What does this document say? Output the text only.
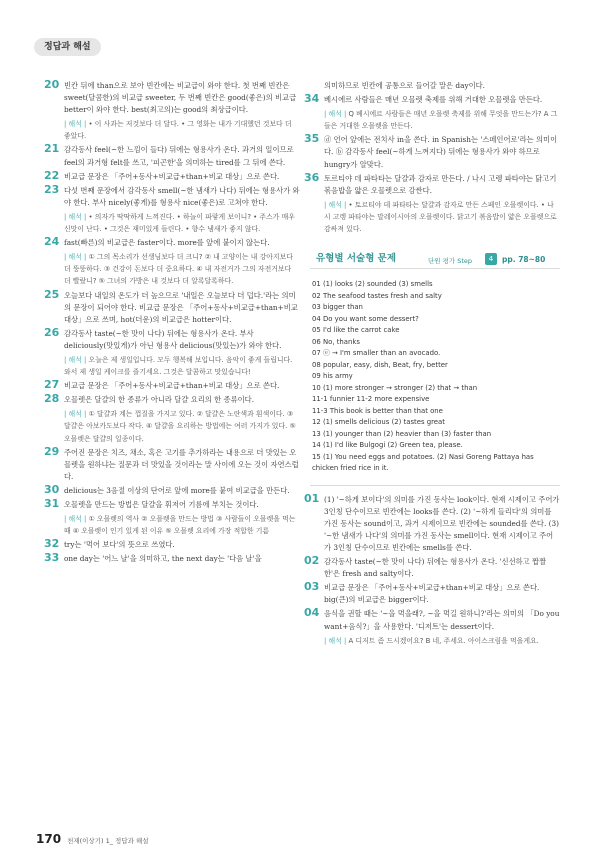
정답과 해설
20 빈칸 뒤에 than으로 보아 빈칸에는 비교급이 와야 한다. 첫 번째 빈칸은 sweet(달콤한)의 비교급 sweeter, 두 번째 빈칸은 good(좋은)의 비교급 better이 와야 한다. best(최고의)는 good의 최상급이다.
| 해석 | • 이 사과는 저것보다 더 달다. • 그 영화는 내가 기대했던 것보다 더 좋았다.
21 감각동사 feel(~한 느낌이 들다) 뒤에는 형용사가 온다. 과거의 일이므로 feel의 과거형 felt를 쓰고, '피곤한'을 의미하는 tired를 그 뒤에 쓴다.
22 비교급 문장은 「주어+동사+비교급+than+비교 대상」으로 쓴다.
23 다섯 번째 문장에서 감각동사 smell(~한 냄새가 나다) 뒤에는 형용사가 와야 한다. 부사 nicely(좋게)를 형용사 nice(좋은)로 고쳐야 한다.
| 해석 | • 의자가 딱딱하게 느껴진다. • 하늘이 파랗게 보이니? • 주스가 매우 신맛이 난다. • 그것은 재미있게 들린다. • 향수 냄새가 좋지 않다.
24 fast(빠른)의 비교급은 faster이다. more를 앞에 붙이지 않는다.
| 해석 | ① 그의 목소리가 선생님보다 더 크니? ② 내 고양이는 내 강아지보다 더 뚱뚱하다. ③ 건강이 돈보다 더 중요하다. ④ 내 자전거가 그의 자전거보다 더 빨랐니? ⑤ 그녀의 가방은 내 것보다 더 알록달록하다.
25 오늘보다 내일의 온도가 더 높으므로 '내일은 오늘보다 더 덥다.'라는 의미의 문장이 되어야 한다. 비교급 문장은 「주어+동사+비교급+than+비교 대상」으로 쓰며, hot(더운)의 비교급은 hotter이다.
26 감각동사 taste(~한 맛이 나다) 뒤에는 형용사가 온다. 부사 deliciously(맛있게)가 아닌 형용사 delicious(맛있는)가 와야 한다.
| 해석 | 오늘은 제 생일입니다. 모두 행복해 보입니다. 음악이 좋게 들립니다. 와서 제 생일 케이크를 즐기세요. 그것은 달콤하고 맛있습니다!
27 비교급 문장은 「주어+동사+비교급+than+비교 대상」으로 쓴다.
28 오믈렛은 달걀의 한 종류가 아니라 달걀 요리의 한 종류이다.
| 해석 | ① 달걀과 계는 껍질을 가지고 있다. ② 달걀은 노란색과 흰색이다. ③ 달걀은 아보카도보다 작다. ④ 달걀을 요리하는 방법에는 여러 가지가 있다. ⑤ 오믈렛은 달걀의 일종이다.
29 주어진 문장은 치즈, 채소, 혹은 고기를 추가하라는 내용으로 더 맛있는 오믈렛을 원하냐는 질문과 더 맛있을 것이라는 말 사이에 오는 것이 자연스럽다.
30 delicious는 3음절 이상의 단어로 앞에 more를 붙여 비교급을 만든다.
31 오믈렛을 만드는 방법은 달걀을 휘저어 기름에 부치는 것이다.
| 해석 | ① 오믈렛의 역사 ② 오믈렛을 만드는 방법 ③ 사람들이 오믈렛을 먹는 때 ④ 오믈렛이 인기 있게 된 이유 ⑤ 오믈렛 요리에 가장 적합한 기름
32 try는 '먹어 보다'의 뜻으로 쓰였다.
33 one day는 '어느 날'을 의미하고, the next day는 '다음 날'을
의미하므로 빈칸에 공통으로 들어갈 말은 day이다.
34 베시에르 사람들은 매년 오믈렛 축제를 위해 거대한 오믈렛을 만든다.
| 해석 | Q 베시에르 사람들은 매년 오믈렛 축제를 위해 무엇을 만드는가? A 그들은 거대한 오믈렛을 만든다.
35 ⓓ 언어 앞에는 전치사 in을 쓴다. in Spanish는 '스페인어로'라는 의미이다. ⓑ 감각동사 feel(~하게 느껴지다) 뒤에는 형용사가 와야 하므로 hungry가 알맞다.
36 토르티야 데 파타타는 달걀과 감자로 만든다. / 나시 고렝 파타야는 닭고기 볶음밥을 얇은 오믈렛으로 감싼다.
| 해석 | • 토르티야 데 파타타는 달걀과 감자로 만든 스페인 오믈렛이다. • 나시 고렝 파타야는 말레이시아의 오믈렛이다. 닭고기 볶음밥이 얇은 오믈렛으로 감싸져 있다.
유형별 서술형 문제	단원 평가 Step	4	pp. 78~80
01 (1) looks (2) sounded (3) smells
02 The seafood tastes fresh and salty
03 bigger than
04 Do you want some dessert?
05 I'd like the carrot cake
06 No, thanks
07 ⓔ → I'm smaller than an avocado.
08 popular, easy, dish, Beat, fry, better
09 his army
10 (1) more stronger → stronger (2) that → than
11-1 funnier 11-2 more expensive
11-3 This book is better than that one
12 (1) smells delicious (2) tastes great
13 (1) younger than (2) heavier than (3) faster than
14 (1) I'd like Bulgogi (2) Green tea, please.
15 (1) You need eggs and potatoes. (2) Nasi Goreng Pattaya has chicken fried rice in it.
01 (1) '~하게 보이다'의 의미를 가진 동사는 look이다. 현재 시제이고 주어가 3인칭 단수이므로 빈칸에는 looks를 쓴다. (2) '~하게 들리다'의 의미를 가진 동사는 sound이고, 과거 시제이므로 빈칸에는 sounded를 쓴다. (3) '~한 냄새가 나다'의 의미를 가진 동사는 smell이다. 현재 시제이고 주어가 3인칭 단수이므로 빈칸에는 smells를 쓴다.
02 감각동사 taste(~한 맛이 나다) 뒤에는 형용사가 온다. '신선하고 짭짤한'은 fresh and salty이다.
03 비교급 문장은 「주어+동사+비교급+than+비교 대상」으로 쓴다. big(큰)의 비교급은 bigger이다.
04 음식을 권할 때는 '~을 먹을래?, ~을 먹길 원하니?'라는 의미의 「Do you want+음식?」을 사용한다. '디저트'는 dessert이다.
| 해석 | A 디저트 좀 드시겠어요? B 네, 주세요. 아이스크림을 먹을게요.
170 천재(이상기) 1_ 정답과 해설
